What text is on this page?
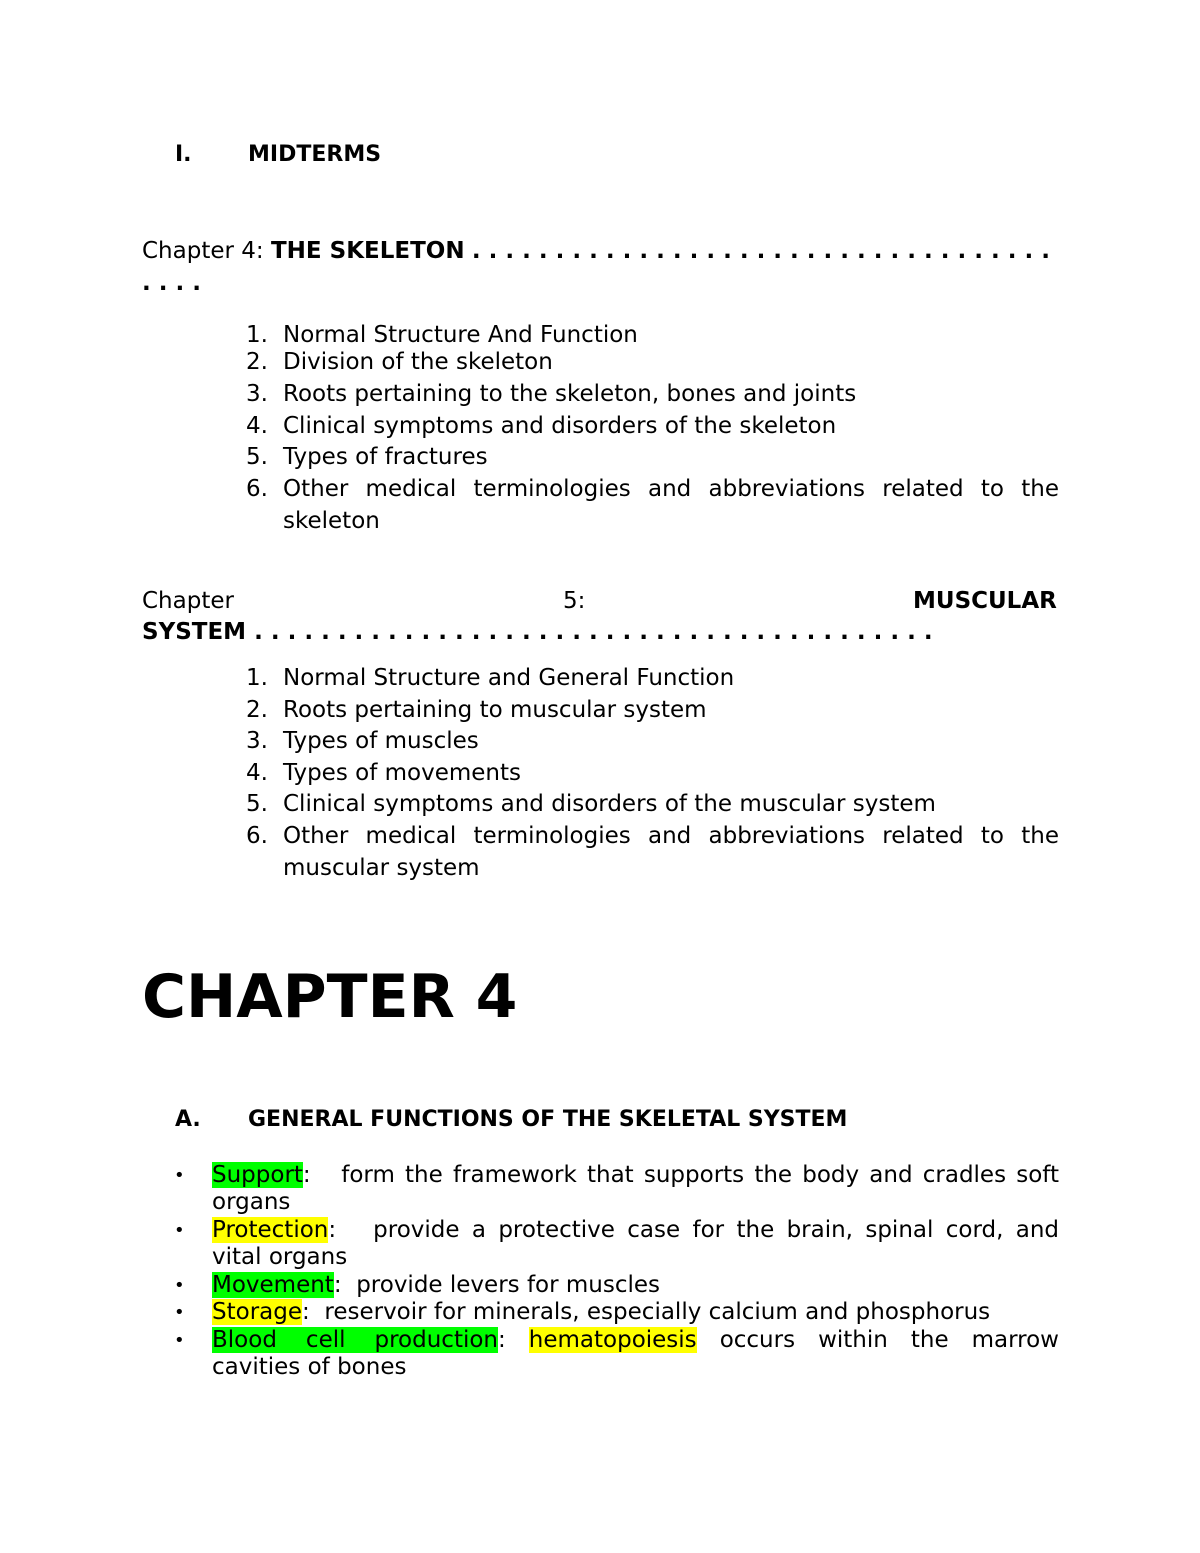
I.	MIDTERMS
Chapter 4: THE SKELETON . . . . . . . . . . . . . . . . . . . . . . . . . . . . . . . . . . .
. . . .
1. Normal Structure And Function
2. Division of the skeleton
3. Roots pertaining to the skeleton, bones and joints
4. Clinical symptoms and disorders of the skeleton
5. Types of fractures
6. Other medical terminologies and abbreviations related to the
skeleton
Chapter	5:	MUSCULAR
SYSTEM . . . . . . . . . . . . . . . . . . . . . . . . . . . . . . . . . . . . . . . . .
1. Normal Structure and General Function
2. Roots pertaining to muscular system
3. Types of muscles
4. Types of movements
5. Clinical symptoms and disorders of the muscular system
6. Other medical terminologies and abbreviations related to the
muscular system
CHAPTER 4
A. GENERAL FUNCTIONS OF THE SKELETAL SYSTEM
• Support:   form the framework that supports the body and cradles soft
organs
• Protection:   provide a protective case for the brain, spinal cord, and
vital organs
• Movement:  provide levers for muscles
• Storage:  reservoir for minerals, especially calcium and phosphorus
• Blood cell production: hematopoiesis occurs within the marrow
cavities of bones
